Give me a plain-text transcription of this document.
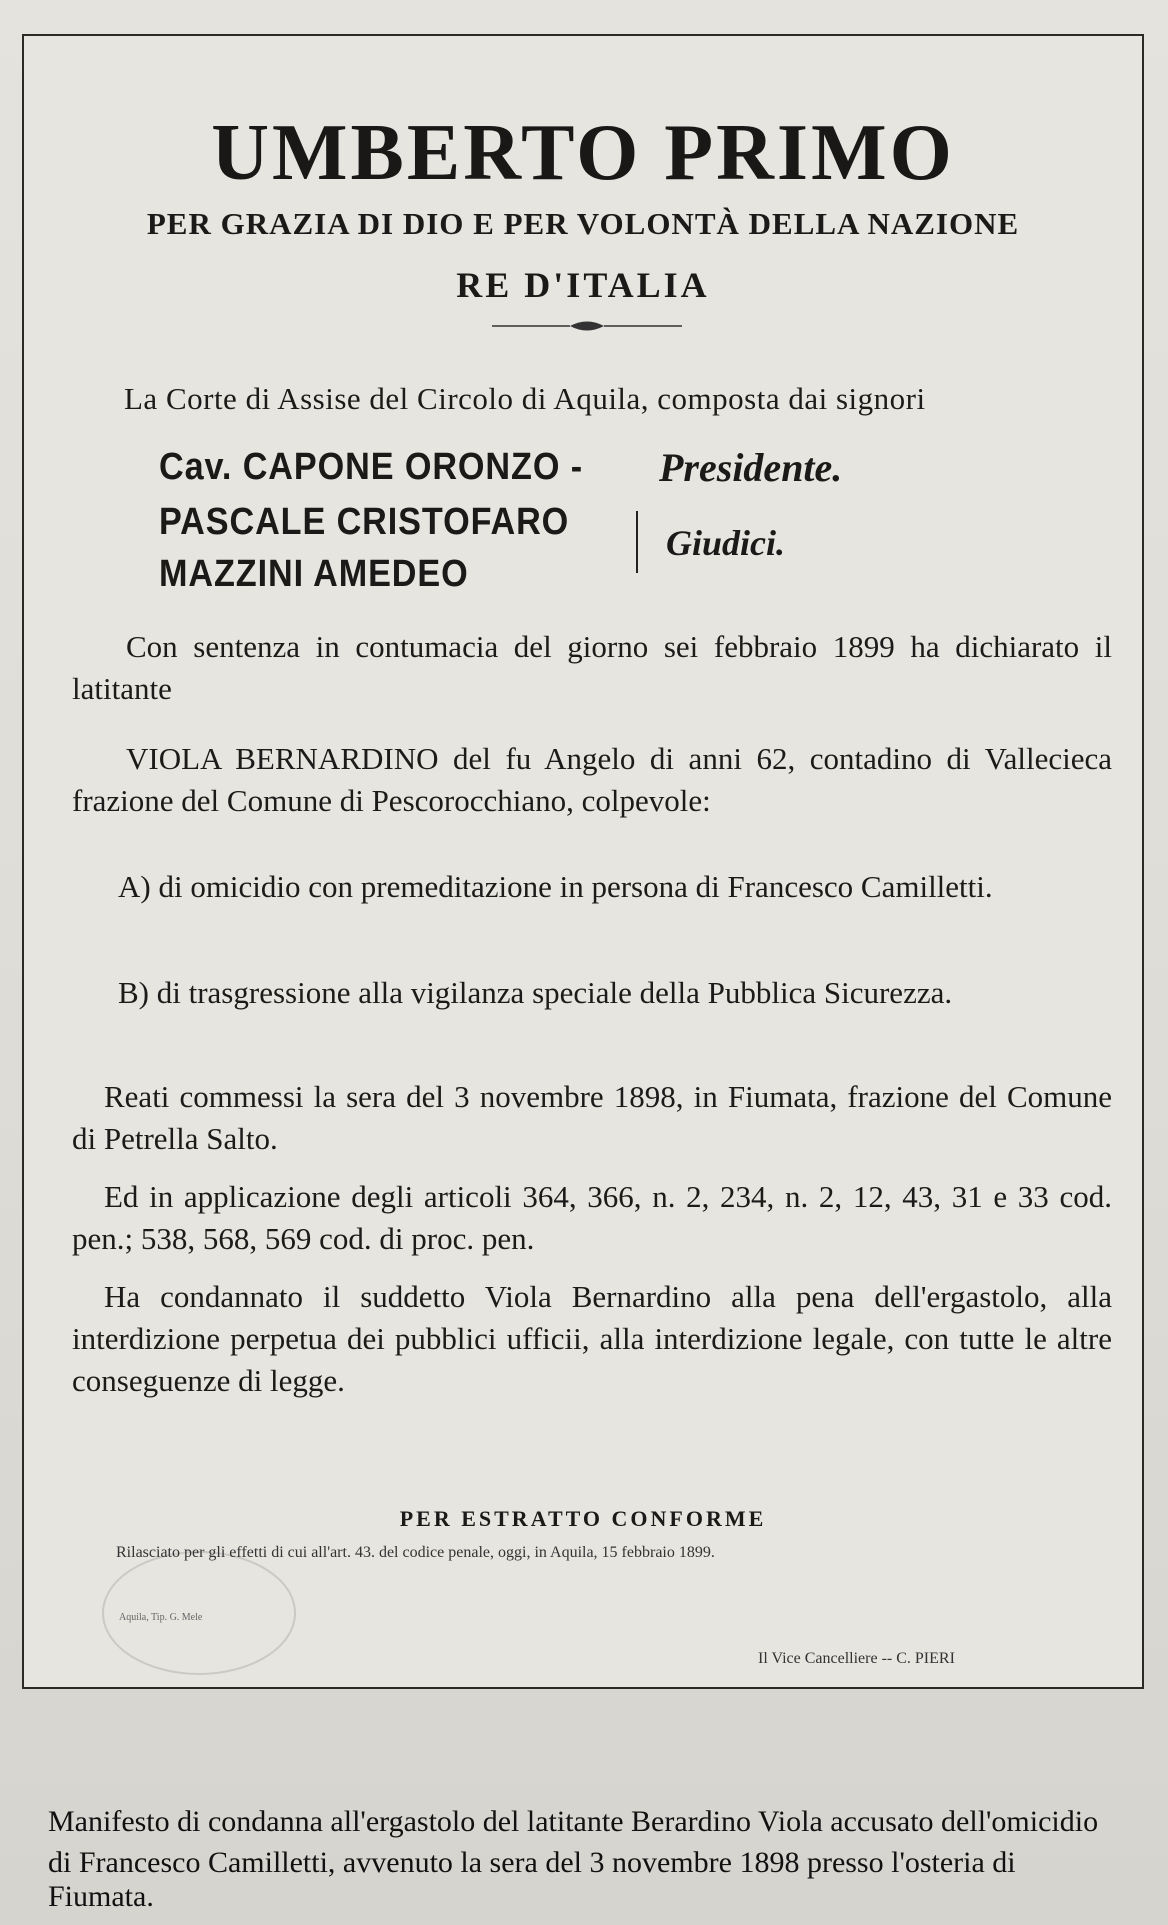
UMBERTO PRIMO
PER GRAZIA DI DIO E PER VOLONTÀ DELLA NAZIONE
RE D'ITALIA
La Corte di Assise del Circolo di Aquila, composta dai signori
Cav. CAPONE ORONZO - Presidente.
PASCALE CRISTOFARO
MAZZINI AMEDEO
Giudici.
Con sentenza in contumacia del giorno sei febbraio 1899 ha dichiarato il latitante
VIOLA BERNARDINO del fu Angelo di anni 62, contadino di Vallecieca frazione del Comune di Pescorocchiano, colpevole:
A) di omicidio con premeditazione in persona di Francesco Camilletti.
B) di trasgressione alla vigilanza speciale della Pubblica Sicurezza.
Reati commessi la sera del 3 novembre 1898, in Fiumata, frazione del Comune di Petrella Salto.
Ed in applicazione degli articoli 364, 366, n. 2, 234, n. 2, 12, 43, 31 e 33 cod. pen.; 538, 568, 569 cod. di proc. pen.
Ha condannato il suddetto Viola Bernardino alla pena dell'ergastolo, alla interdizione perpetua dei pubblici ufficii, alla interdizione legale, con tutte le altre conseguenze di legge.
PER ESTRATTO CONFORME
Rilasciato per gli effetti di cui all'art. 43. del codice penale, oggi, in Aquila, 15 febbraio 1899.
Aquila, Tip. G. Mele
Il Vice Cancelliere -- C. PIERI
Manifesto di condanna all'ergastolo del latitante Berardino Viola accusato dell'omicidio
di Francesco Camilletti, avvenuto la sera del 3 novembre 1898 presso l'osteria di Fiumata.
